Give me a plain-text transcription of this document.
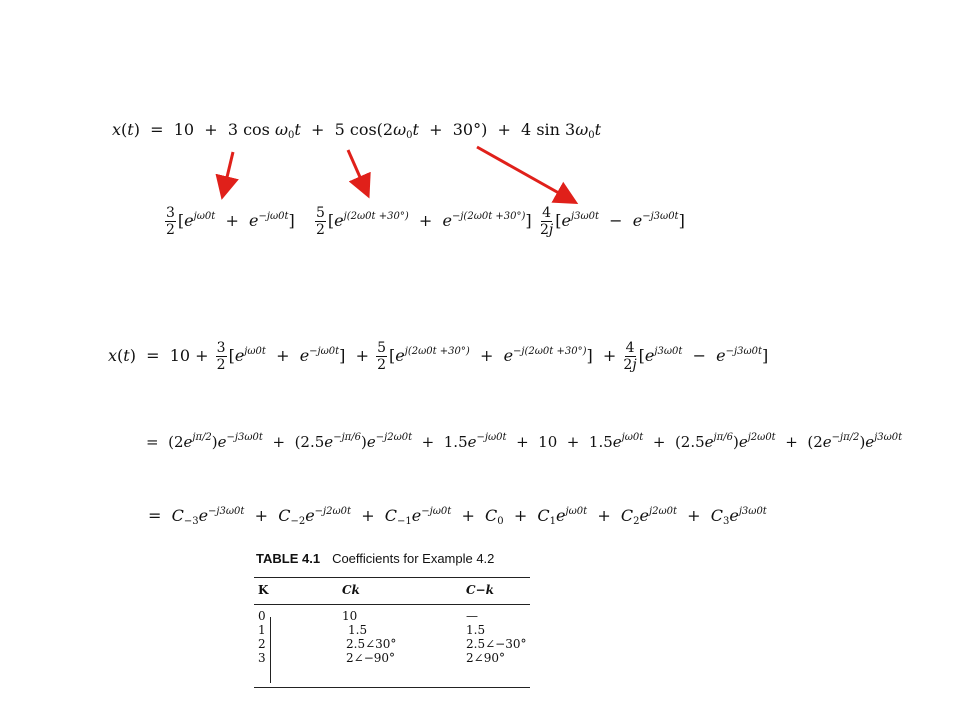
x(t)  =  10  +  3 $\cos \omega_0t + 5$ $\cos(2\omega_0t + 30^\circ) + 4$ $\sin 3\omega_0t$
$\frac{3}{2} [e^{j\omega 0t} + e^{-j\omega 0t}] \frac{5}{2} [e^{j(2\omega 0t +30^\circ)} + e^{-j(2\omega 0t +30^\circ)}] \frac{4}{2j} [e^{j3\omega 0t} - e^{-j3\omega 0t}]$
$x(t) = 10 + \frac{3}{2} [e^{j\omega 0t} + e^{-j\omega 0t}] + \frac{5}{2} [e^{j(2\omega 0t +30^\circ)} + e^{-j(2\omega 0t +30^\circ)}] + \frac{4}{2j} [e^{j3\omega 0t} - e^{-j3\omega 0t}]$
=  $(2e^{j\pi/2})e^{-j3\omega 0t} + (2.5e^{-j\pi/6})e^{-j2\omega 0t} + 1.5e^{-j\omega 0t} + 10 + 1.5e^{j\omega 0t} + (2.5e^{j\pi/6})e^{j2\omega 0t} + (2e^{-j\pi/2})e^{j3\omega 0t}$
=  $C_{-3}e^{-j3\omega 0t} + C_{-2}e^{-j2\omega 0t} + C_{-1}e^{-j\omega 0t} + C_0 + C_1e^{j\omega 0t} + C_2e^{j2\omega 0t} + C_3e^{j3\omega 0t}$
TABLE 4.1 Coefficients for Example 4.2
K	Ck	C−k

0	10	—
1	1.5	1.5
2	2.5∠30°	2.5∠−30°
3	2∠−90°	2∠90°
